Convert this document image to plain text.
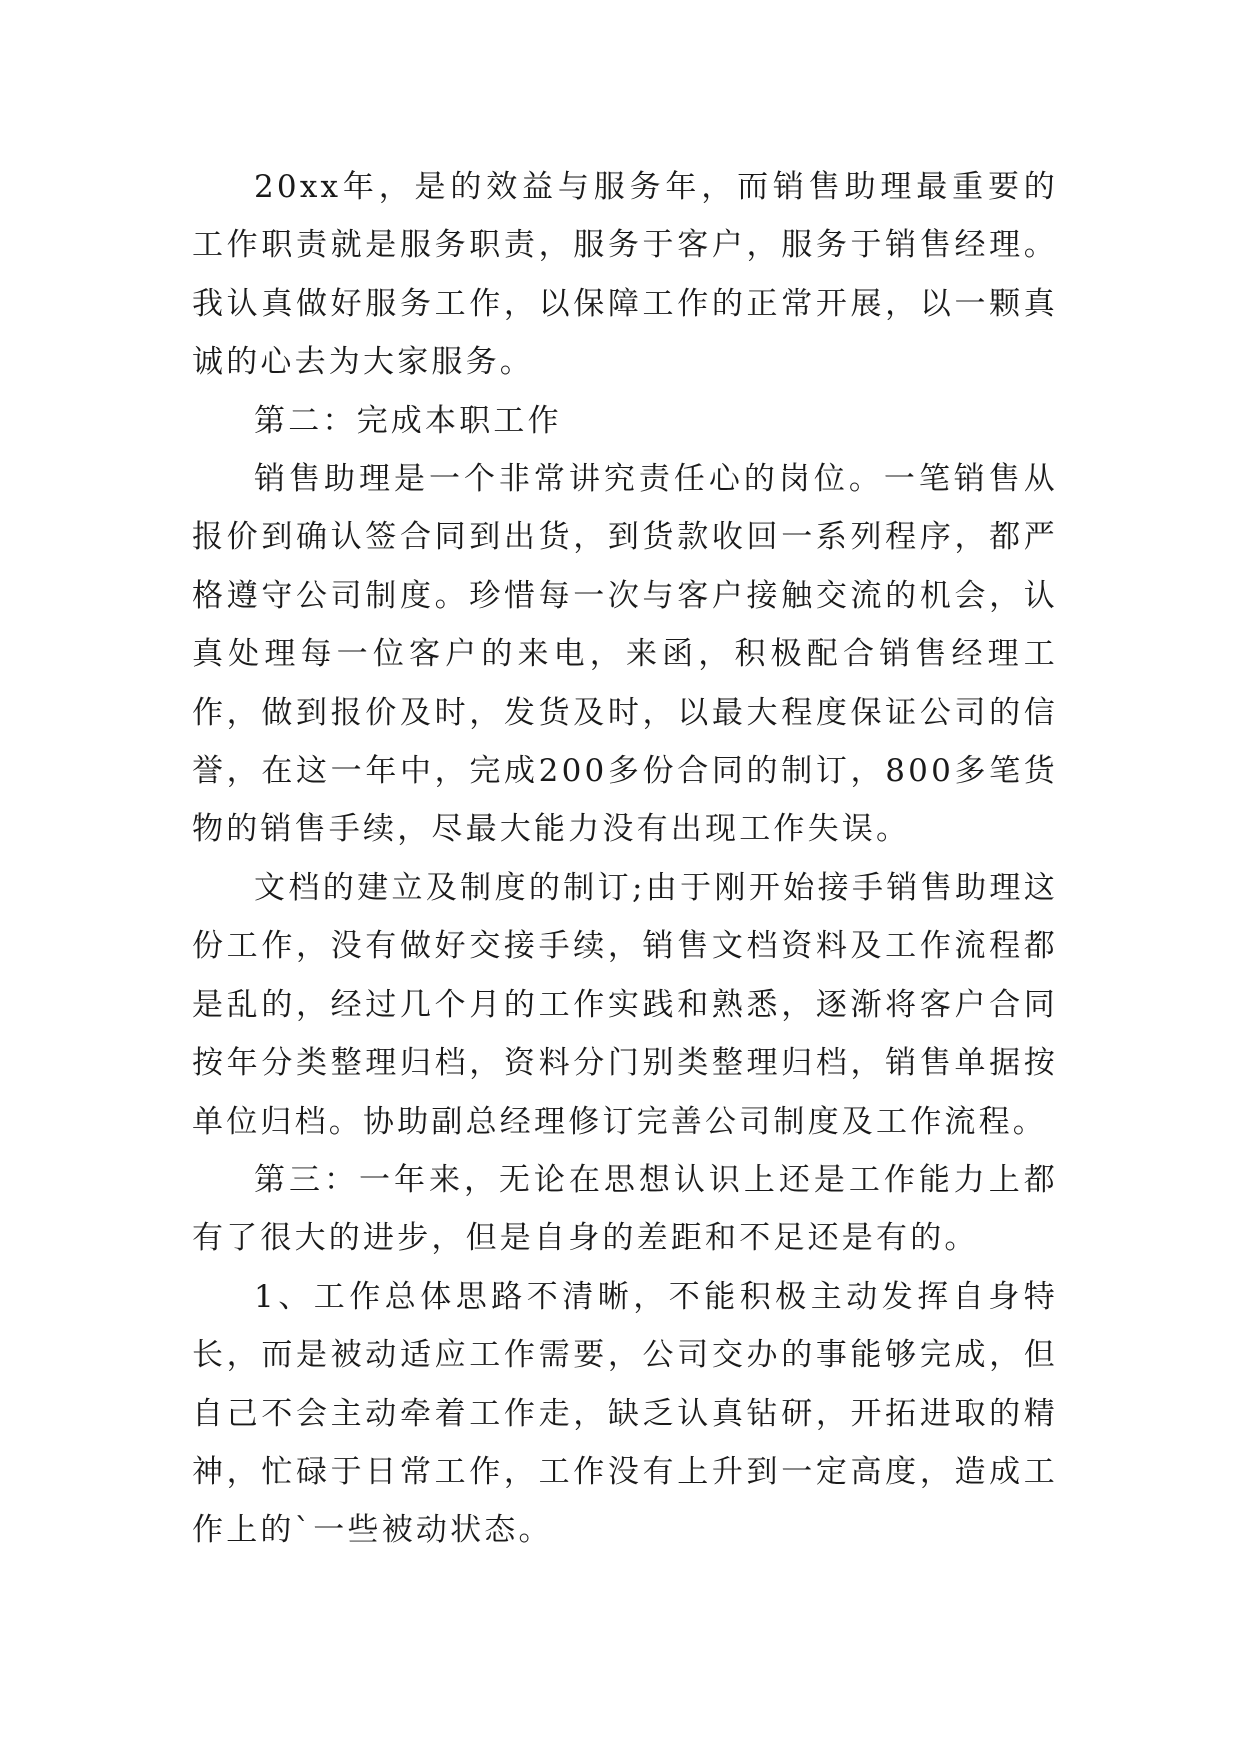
20xx年，是的效益与服务年，而销售助理最重要的工作职责就是服务职责，服务于客户，服务于销售经理。我认真做好服务工作，以保障工作的正常开展，以一颗真诚的心去为大家服务。

第二：完成本职工作

销售助理是一个非常讲究责任心的岗位。一笔销售从报价到确认签合同到出货，到货款收回一系列程序，都严格遵守公司制度。珍惜每一次与客户接触交流的机会，认真处理每一位客户的来电，来函，积极配合销售经理工作，做到报价及时，发货及时，以最大程度保证公司的信誉，在这一年中，完成200多份合同的制订，800多笔货物的销售手续，尽最大能力没有出现工作失误。

文档的建立及制度的制订;由于刚开始接手销售助理这份工作，没有做好交接手续，销售文档资料及工作流程都是乱的，经过几个月的工作实践和熟悉，逐渐将客户合同按年分类整理归档，资料分门别类整理归档，销售单据按单位归档。协助副总经理修订完善公司制度及工作流程。

第三：一年来，无论在思想认识上还是工作能力上都有了很大的进步，但是自身的差距和不足还是有的。

1、工作总体思路不清晰，不能积极主动发挥自身特长，而是被动适应工作需要，公司交办的事能够完成，但自己不会主动牵着工作走，缺乏认真钻研，开拓进取的精神，忙碌于日常工作，工作没有上升到一定高度，造成工作上的`一些被动状态。
